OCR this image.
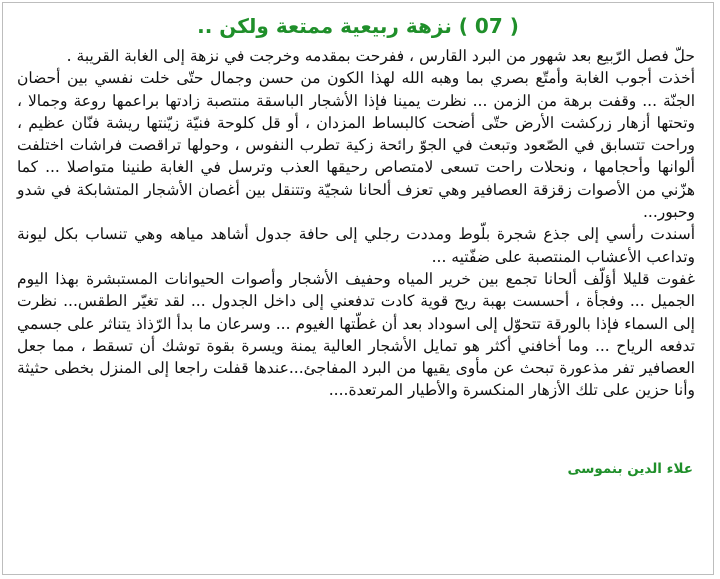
( 07 ) نزهة ربيعية ممتعة ولكن ..

حلّ فصل الرّبيع بعد شهور من البرد القارس ، ففرحت بمقدمه وخرجت في نزهة إلى الغابة القريبة .

أخذت أجوب الغابة وأمتّع بصري بما وهبه الله لهذا الكون من حسن وجمال حتّى خلت نفسي بين أحضان الجنّة ... وقفت برهة من الزمن ... نظرت يمينا فإذا الأشجار الباسقة منتصبة زادتها براعمها روعة وجمالا ، وتحتها أزهار زركشت الأرض حتّى أضحت كالبساط المزدان ، أو قل كلوحة فنيّة زيّنتها ريشة فنّان عظيم ، وراحت تتسابق في الصّعود وتبعث في الجوّ رائحة زكية تطرب النفوس ، وحولها تراقصت فراشات اختلفت ألوانها وأحجامها ، ونحلات راحت تسعى لامتصاص رحيقها العذب وترسل في الغابة طنينا متواصلا ... كما هزّني من الأصوات زقزقة العصافير وهي تعزف ألحانا شجيّة وتتنقل بين أغصان الأشجار المتشابكة في شدو وحبور...

أسندت رأسي إلى جذع شجرة بلّوط ومددت رجلي إلى حافة جدول أشاهد مياهه وهي تنساب بكل ليونة وتداعب الأعشاب المنتصبة على ضفّتيه ...

غفوت قليلا أؤلّف ألحانا تجمع بين خرير المياه وحفيف الأشجار وأصوات الحيوانات المستبشرة بهذا اليوم الجميل ... وفجأة ، أحسست بهبة ريح قوية كادت تدفعني إلى داخل الجدول ... لقد تغيّر الطقس... نظرت إلى السماء فإذا بالورقة تتحوّل إلى اسوداد بعد أن غطّتها الغيوم ... وسرعان ما بدأ الرّذاذ يتناثر على جسمي تدفعه الرياح ... وما أخافني أكثر هو تمايل الأشجار العالية يمنة ويسرة بقوة توشك أن تسقط ، مما جعل العصافير تفر مذعورة تبحث عن مأوى يقيها من البرد المفاجئ...عندها قفلت راجعا إلى المنزل بخطى حثيثة وأنا حزين على تلك الأزهار المنكسرة والأطيار المرتعدة....

علاء الدين بنموسى
